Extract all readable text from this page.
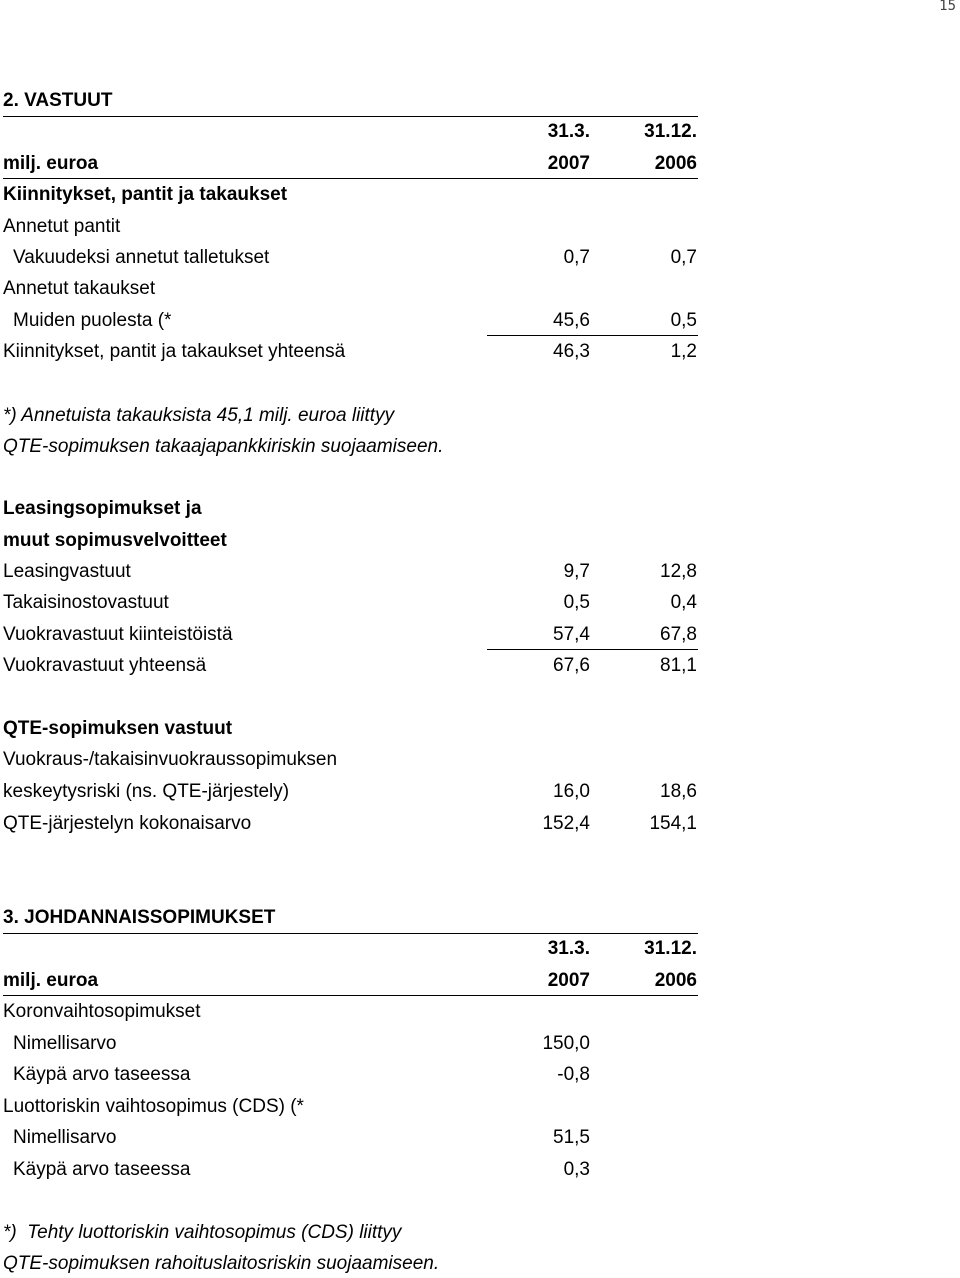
15
2. VASTUUT
31.3.	31.12.
milj. euroa	2007	2006
Kiinnitykset, pantit ja takaukset
Annetut pantit
Vakuudeksi annetut talletukset	0,7	0,7
Annetut takaukset
Muiden puolesta (*	45,6	0,5
Kiinnitykset, pantit ja takaukset yhteensä	46,3	1,2
*) Annetuista takauksista 45,1 milj. euroa liittyy
QTE-sopimuksen takaajapankkiriskin suojaamiseen.
Leasingsopimukset ja
muut sopimusvelvoitteet
Leasingvastuut	9,7	12,8
Takaisinostovastuut	0,5	0,4
Vuokravastuut kiinteistöistä	57,4	67,8
Vuokravastuut yhteensä	67,6	81,1
QTE-sopimuksen vastuut
Vuokraus-/takaisinvuokraussopimuksen
keskeytysriski (ns. QTE-järjestely)	16,0	18,6
QTE-järjestelyn kokonaisarvo	152,4	154,1
3. JOHDANNAISSOPIMUKSET
31.3.	31.12.
milj. euroa	2007	2006
Koronvaihtosopimukset
Nimellisarvo	150,0
Käypä arvo taseessa	-0,8
Luottoriskin vaihtosopimus (CDS) (*
Nimellisarvo	51,5
Käypä arvo taseessa	0,3
*)  Tehty luottoriskin vaihtosopimus (CDS) liittyy
QTE-sopimuksen rahoituslaitosriskin suojaamiseen.
